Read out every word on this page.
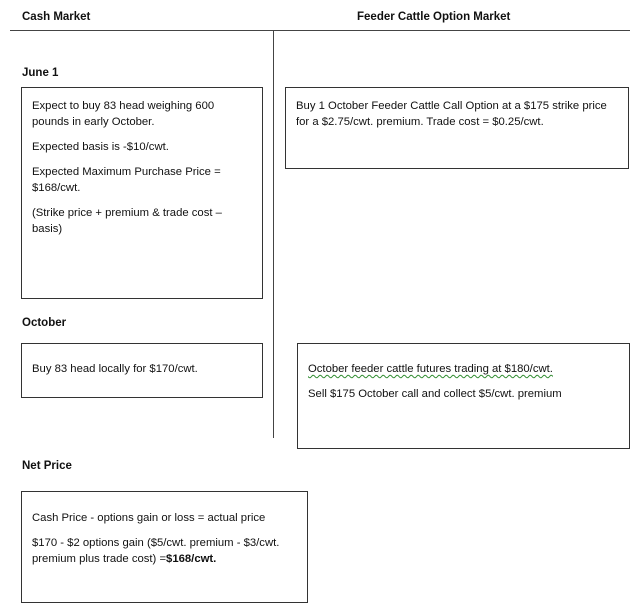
Cash Market	Feeder Cattle Option Market
June 1
October
Net Price

Expect to buy 83 head weighing 600 pounds in early October.

Expected basis is -$10/cwt.

Expected Maximum Purchase Price = $168/cwt.

(Strike price + premium & trade cost – basis)

Buy 1 October Feeder Cattle Call Option at a $175 strike price for a $2.75/cwt. premium. Trade cost = $0.25/cwt.

Buy 83 head locally for $170/cwt.	October feeder cattle futures trading at $180/cwt.

Sell $175 October call and collect $5/cwt. premium

Cash Price - options gain or loss = actual price

$170 - $2 options gain ($5/cwt. premium - $3/cwt. premium plus trade cost) =$168/cwt.
